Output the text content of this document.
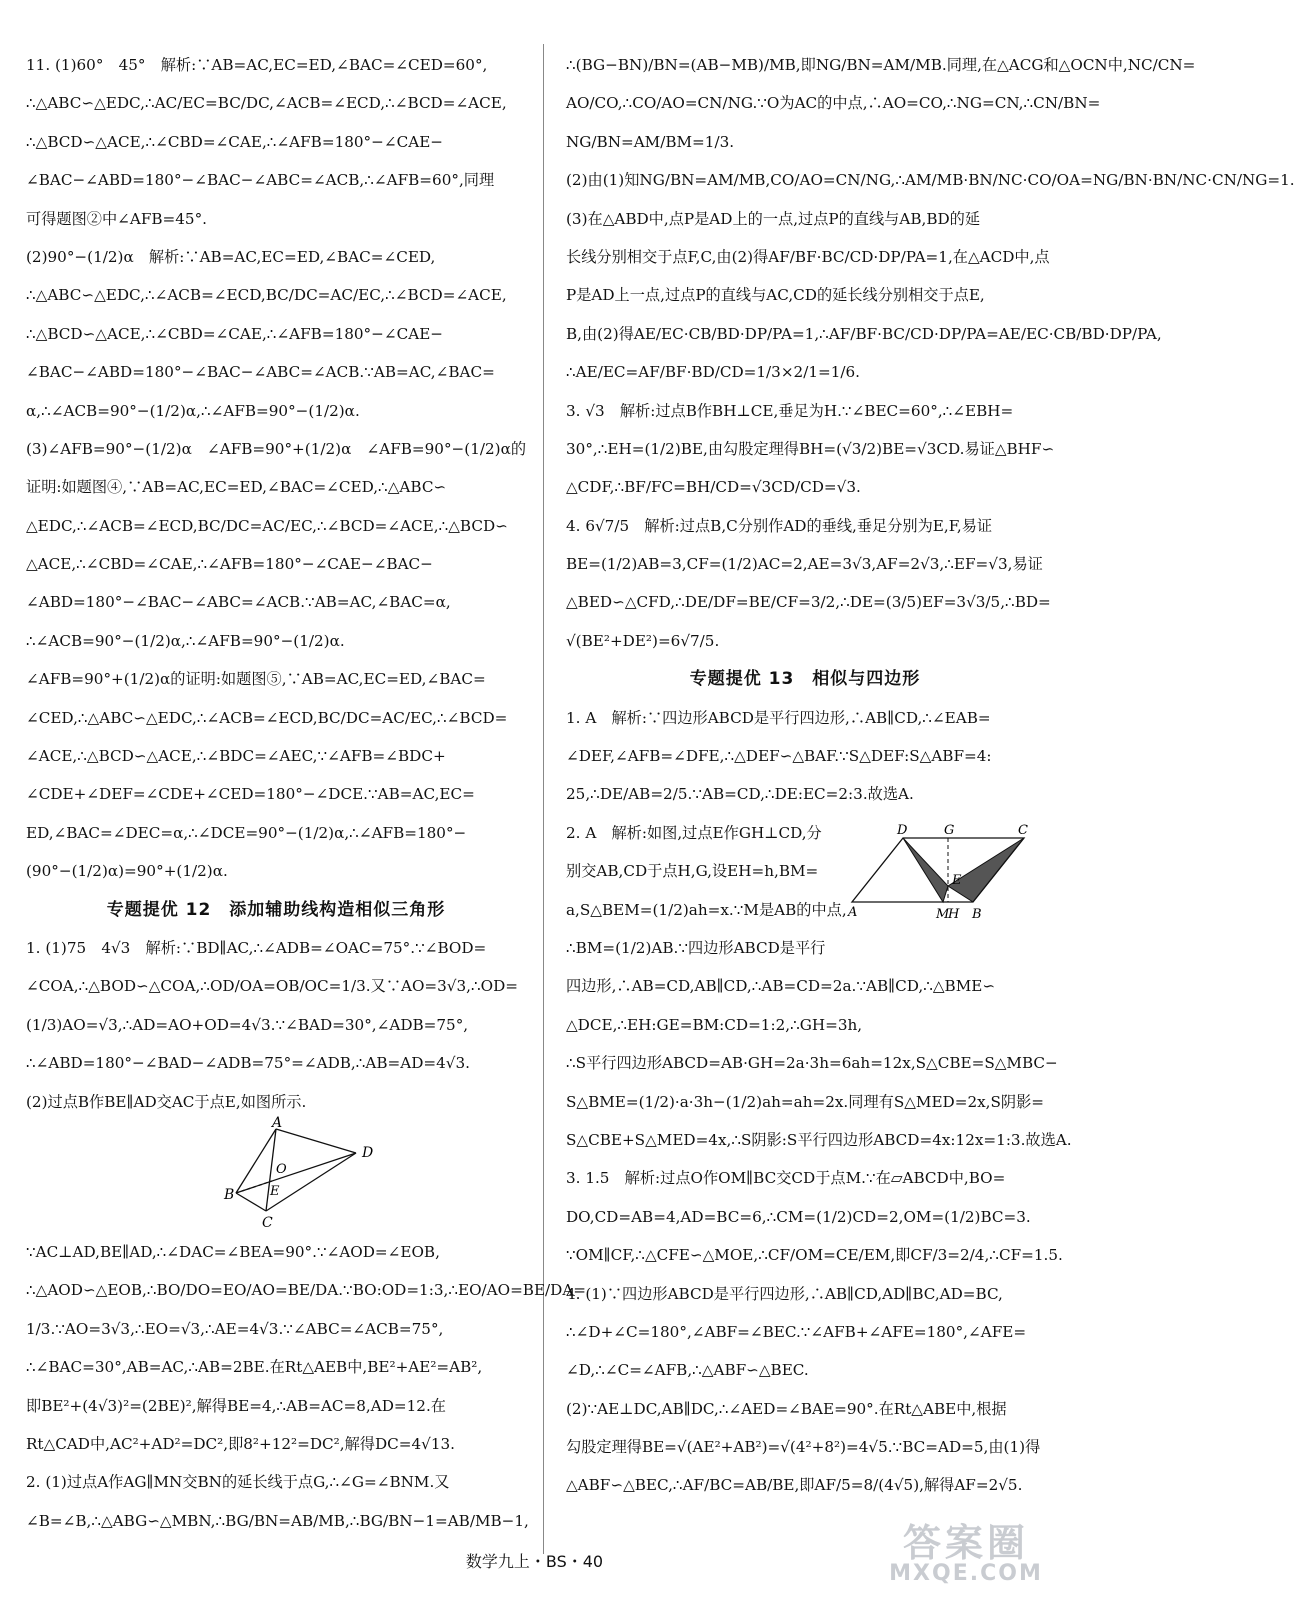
11. (1)60°　45°　解析:∵AB=AC,EC=ED,∠BAC=∠CED=60°,
∴△ABC∽△EDC,∴AC/EC=BC/DC,∠ACB=∠ECD,∴∠BCD=∠ACE,
∴△BCD∽△ACE,∴∠CBD=∠CAE,∴∠AFB=180°−∠CAE−
∠BAC−∠ABD=180°−∠BAC−∠ABC=∠ACB,∴∠AFB=60°,同理
可得题图②中∠AFB=45°.
(2)90°−(1/2)α　解析:∵AB=AC,EC=ED,∠BAC=∠CED,
∴△ABC∽△EDC,∴∠ACB=∠ECD,BC/DC=AC/EC,∴∠BCD=∠ACE,
∴△BCD∽△ACE,∴∠CBD=∠CAE,∴∠AFB=180°−∠CAE−
∠BAC−∠ABD=180°−∠BAC−∠ABC=∠ACB.∵AB=AC,∠BAC=
α,∴∠ACB=90°−(1/2)α,∴∠AFB=90°−(1/2)α.
(3)∠AFB=90°−(1/2)α　∠AFB=90°+(1/2)α　∠AFB=90°−(1/2)α的
证明:如题图④,∵AB=AC,EC=ED,∠BAC=∠CED,∴△ABC∽
△EDC,∴∠ACB=∠ECD,BC/DC=AC/EC,∴∠BCD=∠ACE,∴△BCD∽
△ACE,∴∠CBD=∠CAE,∴∠AFB=180°−∠CAE−∠BAC−
∠ABD=180°−∠BAC−∠ABC=∠ACB.∵AB=AC,∠BAC=α,
∴∠ACB=90°−(1/2)α,∴∠AFB=90°−(1/2)α.
∠AFB=90°+(1/2)α的证明:如题图⑤,∵AB=AC,EC=ED,∠BAC=
∠CED,∴△ABC∽△EDC,∴∠ACB=∠ECD,BC/DC=AC/EC,∴∠BCD=
∠ACE,∴△BCD∽△ACE,∴∠BDC=∠AEC,∵∠AFB=∠BDC+
∠CDE+∠DEF=∠CDE+∠CED=180°−∠DCE.∵AB=AC,EC=
ED,∠BAC=∠DEC=α,∴∠DCE=90°−(1/2)α,∴∠AFB=180°−
(90°−(1/2)α)=90°+(1/2)α.
专题提优 12　添加辅助线构造相似三角形
1. (1)75　4√3　解析:∵BD∥AC,∴∠ADB=∠OAC=75°.∵∠BOD=
∠COA,∴△BOD∽△COA,∴OD/OA=OB/OC=1/3.又∵AO=3√3,∴OD=
(1/3)AO=√3,∴AD=AO+OD=4√3.∵∠BAD=30°,∠ADB=75°,
∴∠ABD=180°−∠BAD−∠ADB=75°=∠ADB,∴AB=AD=4√3.
(2)过点B作BE∥AD交AC于点E,如图所示.
A
B
C
D
O
E
∵AC⊥AD,BE∥AD,∴∠DAC=∠BEA=90°.∵∠AOD=∠EOB,
∴△AOD∽△EOB,∴BO/DO=EO/AO=BE/DA.∵BO:OD=1:3,∴EO/AO=BE/DA=
1/3.∵AO=3√3,∴EO=√3,∴AE=4√3.∵∠ABC=∠ACB=75°,
∴∠BAC=30°,AB=AC,∴AB=2BE.在Rt△AEB中,BE²+AE²=AB²,
即BE²+(4√3)²=(2BE)²,解得BE=4,∴AB=AC=8,AD=12.在
Rt△CAD中,AC²+AD²=DC²,即8²+12²=DC²,解得DC=4√13.
2. (1)过点A作AG∥MN交BN的延长线于点G,∴∠G=∠BNM.又
∠B=∠B,∴△ABG∽△MBN,∴BG/BN=AB/MB,∴BG/BN−1=AB/MB−1,
∴(BG−BN)/BN=(AB−MB)/MB,即NG/BN=AM/MB.同理,在△ACG和△OCN中,NC/CN=
AO/CO,∴CO/AO=CN/NG.∵O为AC的中点,∴AO=CO,∴NG=CN,∴CN/BN=
NG/BN=AM/BM=1/3.
(2)由(1)知NG/BN=AM/MB,CO/AO=CN/NG,∴AM/MB·BN/NC·CO/OA=NG/BN·BN/NC·CN/NG=1.
(3)在△ABD中,点P是AD上的一点,过点P的直线与AB,BD的延
长线分别相交于点F,C,由(2)得AF/BF·BC/CD·DP/PA=1,在△ACD中,点
P是AD上一点,过点P的直线与AC,CD的延长线分别相交于点E,
B,由(2)得AE/EC·CB/BD·DP/PA=1,∴AF/BF·BC/CD·DP/PA=AE/EC·CB/BD·DP/PA,
∴AE/EC=AF/BF·BD/CD=1/3×2/1=1/6.
3. √3　解析:过点B作BH⊥CE,垂足为H.∵∠BEC=60°,∴∠EBH=
30°,∴EH=(1/2)BE,由勾股定理得BH=(√3/2)BE=√3CD.易证△BHF∽
△CDF,∴BF/FC=BH/CD=√3CD/CD=√3.
4. 6√7/5　解析:过点B,C分别作AD的垂线,垂足分别为E,F,易证
BE=(1/2)AB=3,CF=(1/2)AC=2,AE=3√3,AF=2√3,∴EF=√3,易证
△BED∽△CFD,∴DE/DF=BE/CF=3/2,∴DE=(3/5)EF=3√3/5,∴BD=
√(BE²+DE²)=6√7/5.
专题提优 13　相似与四边形
1. A　解析:∵四边形ABCD是平行四边形,∴AB∥CD,∴∠EAB=
∠DEF,∠AFB=∠DFE,∴△DEF∽△BAF.∵S△DEF:S△ABF=4:
25,∴DE/AB=2/5.∵AB=CD,∴DE:EC=2:3.故选A.
2. A　解析:如图,过点E作GH⊥CD,分
别交AB,CD于点H,G,设EH=h,BM=
a,S△BEM=(1/2)ah=x.∵M是AB的中点,
∴BM=(1/2)AB.∵四边形ABCD是平行
D	G	C
E
A	M
H B
四边形,∴AB=CD,AB∥CD,∴AB=CD=2a.∵AB∥CD,∴△BME∽
△DCE,∴EH:GE=BM:CD=1:2,∴GH=3h,
∴S平行四边形ABCD=AB·GH=2a·3h=6ah=12x,S△CBE=S△MBC−
S△BME=(1/2)·a·3h−(1/2)ah=ah=2x.同理有S△MED=2x,S阴影=
S△CBE+S△MED=4x,∴S阴影:S平行四边形ABCD=4x:12x=1:3.故选A.
3. 1.5　解析:过点O作OM∥BC交CD于点M.∵在▱ABCD中,BO=
DO,CD=AB=4,AD=BC=6,∴CM=(1/2)CD=2,OM=(1/2)BC=3.
∵OM∥CF,∴△CFE∽△MOE,∴CF/OM=CE/EM,即CF/3=2/4,∴CF=1.5.
4. (1)∵四边形ABCD是平行四边形,∴AB∥CD,AD∥BC,AD=BC,
∴∠D+∠C=180°,∠ABF=∠BEC.∵∠AFB+∠AFE=180°,∠AFE=
∠D,∴∠C=∠AFB,∴△ABF∽△BEC.
(2)∵AE⊥DC,AB∥DC,∴∠AED=∠BAE=90°.在Rt△ABE中,根据
勾股定理得BE=√(AE²+AB²)=√(4²+8²)=4√5.∵BC=AD=5,由(1)得
△ABF∽△BEC,∴AF/BC=AB/BE,即AF/5=8/(4√5),解得AF=2√5.
数学九上・BS・40	答案圈
MXQE.COM
